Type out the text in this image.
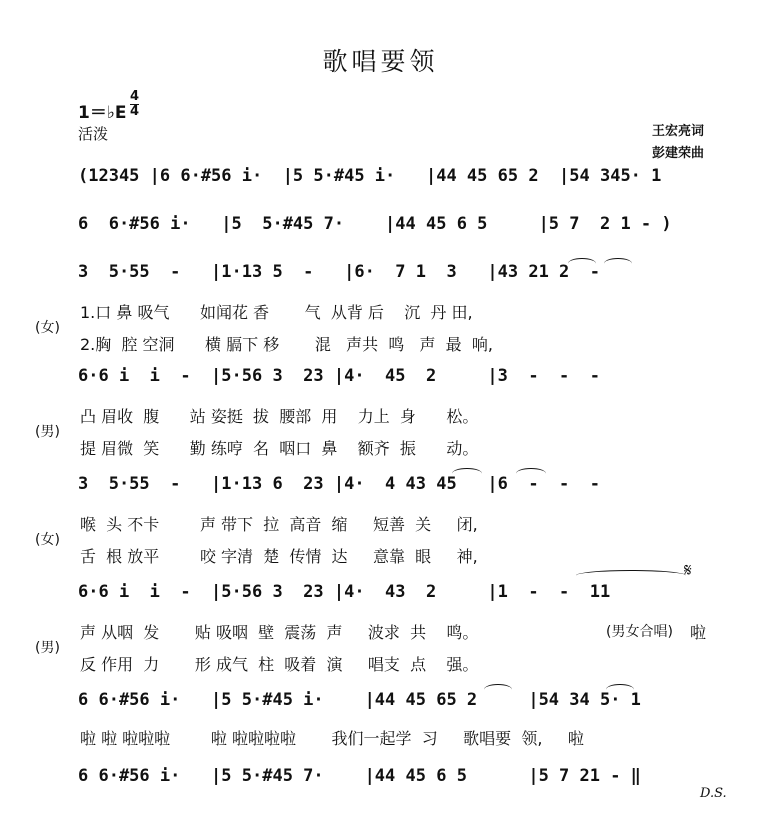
歌唱要领
1＝♭E $\frac{4}{4}$
活泼	王宏亮词
彭建荣曲
(12345 |6 6·#56 i·  |5 5·#45 i·   |44 45 65 2  |54 345· 1
6  6·#56 i·   |5  5·#45 7·    |44 45 6 5     |5 7  2 1 - )
3  5·55  -   |1·13 5  -   |6·  7 1  3   |43 21 2  -
(女)
1.口 鼻 吸气      如闻花 香       气  从背 后    沉  丹 田,
2.胸  腔 空洞      横 膈下 移       混   声共  鸣   声  最  响,
6·6 i  i  -  |5·56 3  23 |4·  45  2     |3  -  -  -
(男)
凸 眉收  腹      站 姿挺  拔  腰部  用    力上  身      松。
提 眉微  笑      勤 练哼  名  咽口  鼻    额齐  振      动。
3  5·55  -   |1·13 6  23 |4·  4 43 45   |6  -  -  -
(女)
喉  头 不卡        声 带下  拉  高音  缩     短善  关     闭,
舌  根 放平        咬 字清  楚  传情  达     意靠  眼     神,
6·6 i  i  -  |5·56 3  23 |4·  43  2     |1  -  -  11
𝄋
(男)
声 从咽  发       贴 吸咽  壁  震荡  声     波求  共    鸣。	(男女合唱) 啦
反 作用  力       形 成气  柱  吸着  演     唱支  点    强。
6 6·#56 i·   |5 5·#45 i·    |44 45 65 2     |54 34 5· 1
啦 啦 啦啦啦        啦 啦啦啦啦       我们一起学  习     歌唱要  领,     啦
6 6·#56 i·   |5 5·#45 7·    |44 45 6 5      |5 7 21 - ‖
D.S.
